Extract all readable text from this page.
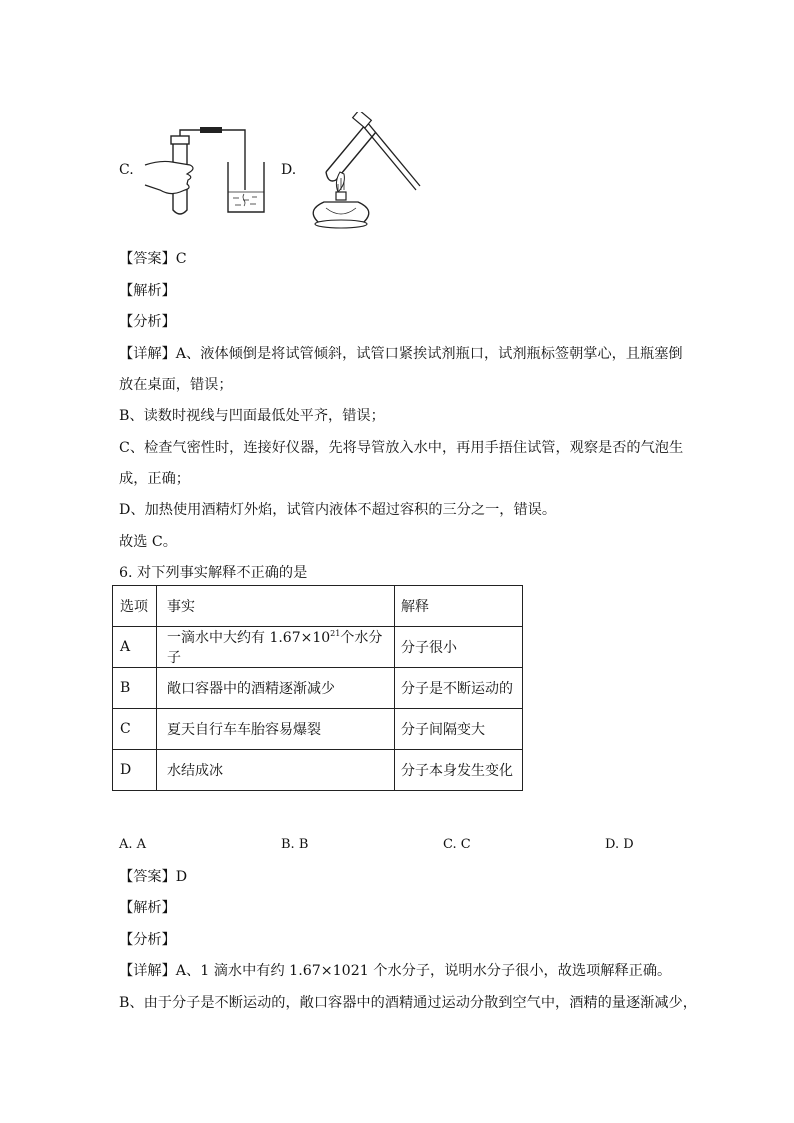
C.	D.
【答案】C
【解析】
【分析】
【详解】A、液体倾倒是将试管倾斜，试管口紧挨试剂瓶口，试剂瓶标签朝掌心，且瓶塞倒
放在桌面，错误；
B、读数时视线与凹面最低处平齐，错误；
C、检查气密性时，连接好仪器，先将导管放入水中，再用手捂住试管，观察是否的气泡生
成，正确；
D、加热使用酒精灯外焰，试管内液体不超过容积的三分之一，错误。
故选 C。
6. 对下列事实解释不正确的是
选项	事实	解释
A	一滴水中大约有 $1.67\times 10^{21}$个水分子	分子很小
B	敞口容器中的酒精逐渐减少	分子是不断运动的
C	夏天自行车车胎容易爆裂	分子间隔变大
D	水结成冰	分子本身发生变化
A. A	B. B	C. C	D. D
【答案】D
【解析】
【分析】
【详解】A、1 滴水中有约 1.67×1021 个水分子，说明水分子很小，故选项解释正确。
B、由于分子是不断运动的，敞口容器中的酒精通过运动分散到空气中，酒精的量逐渐减少，
